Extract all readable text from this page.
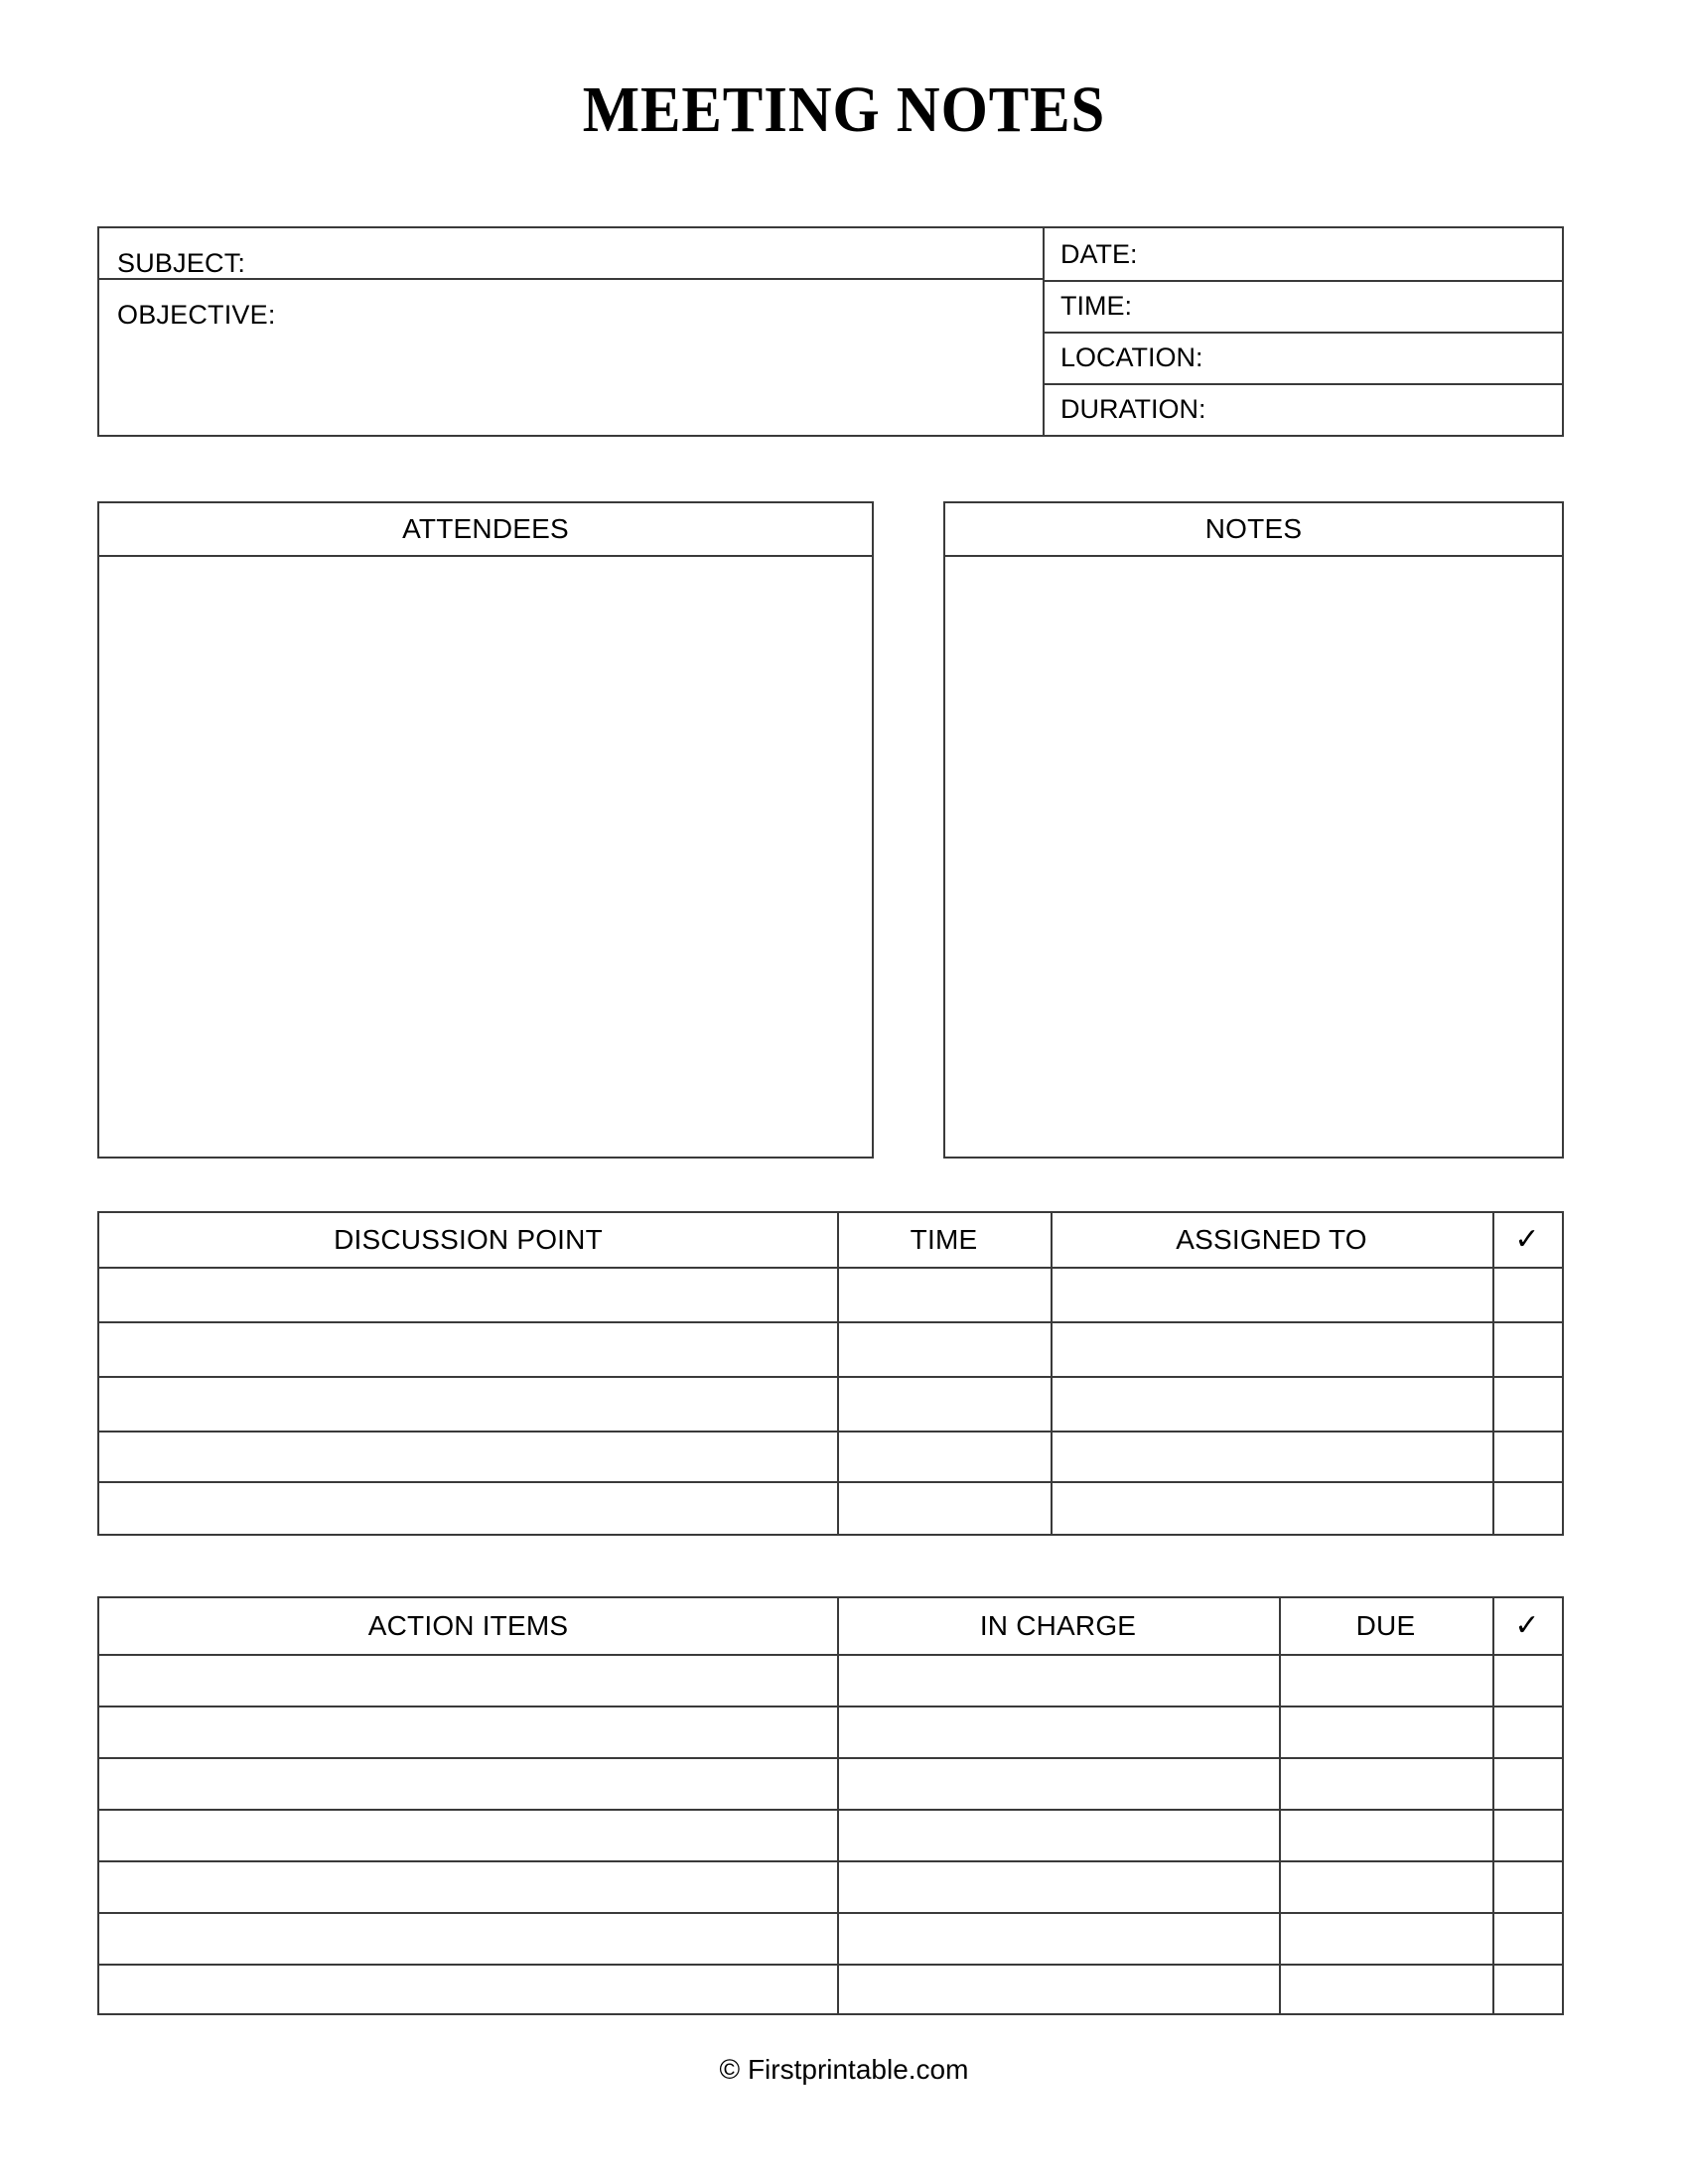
MEETING NOTES
SUBJECT:
OBJECTIVE:
DATE:
TIME:
LOCATION:
DURATION:
ATTENDEES	NOTES
DISCUSSION POINT	TIME	ASSIGNED TO	✓
ACTION ITEMS	IN CHARGE	DUE	✓
© Firstprintable.com
